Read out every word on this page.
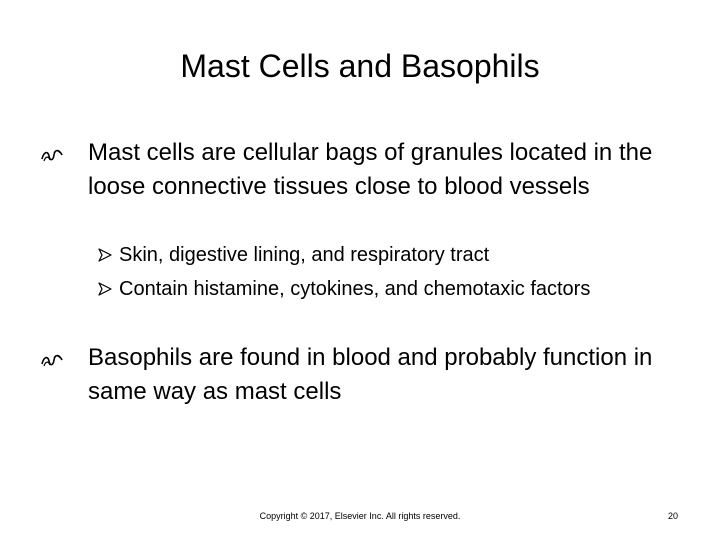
Mast Cells and Basophils
Mast cells are cellular bags of granules located in the loose connective tissues close to blood vessels
Skin, digestive lining, and respiratory tract
Contain histamine, cytokines, and chemotaxic factors
Basophils are found in blood and probably function in same way as mast cells
Copyright © 2017, Elsevier Inc. All rights reserved.	20
